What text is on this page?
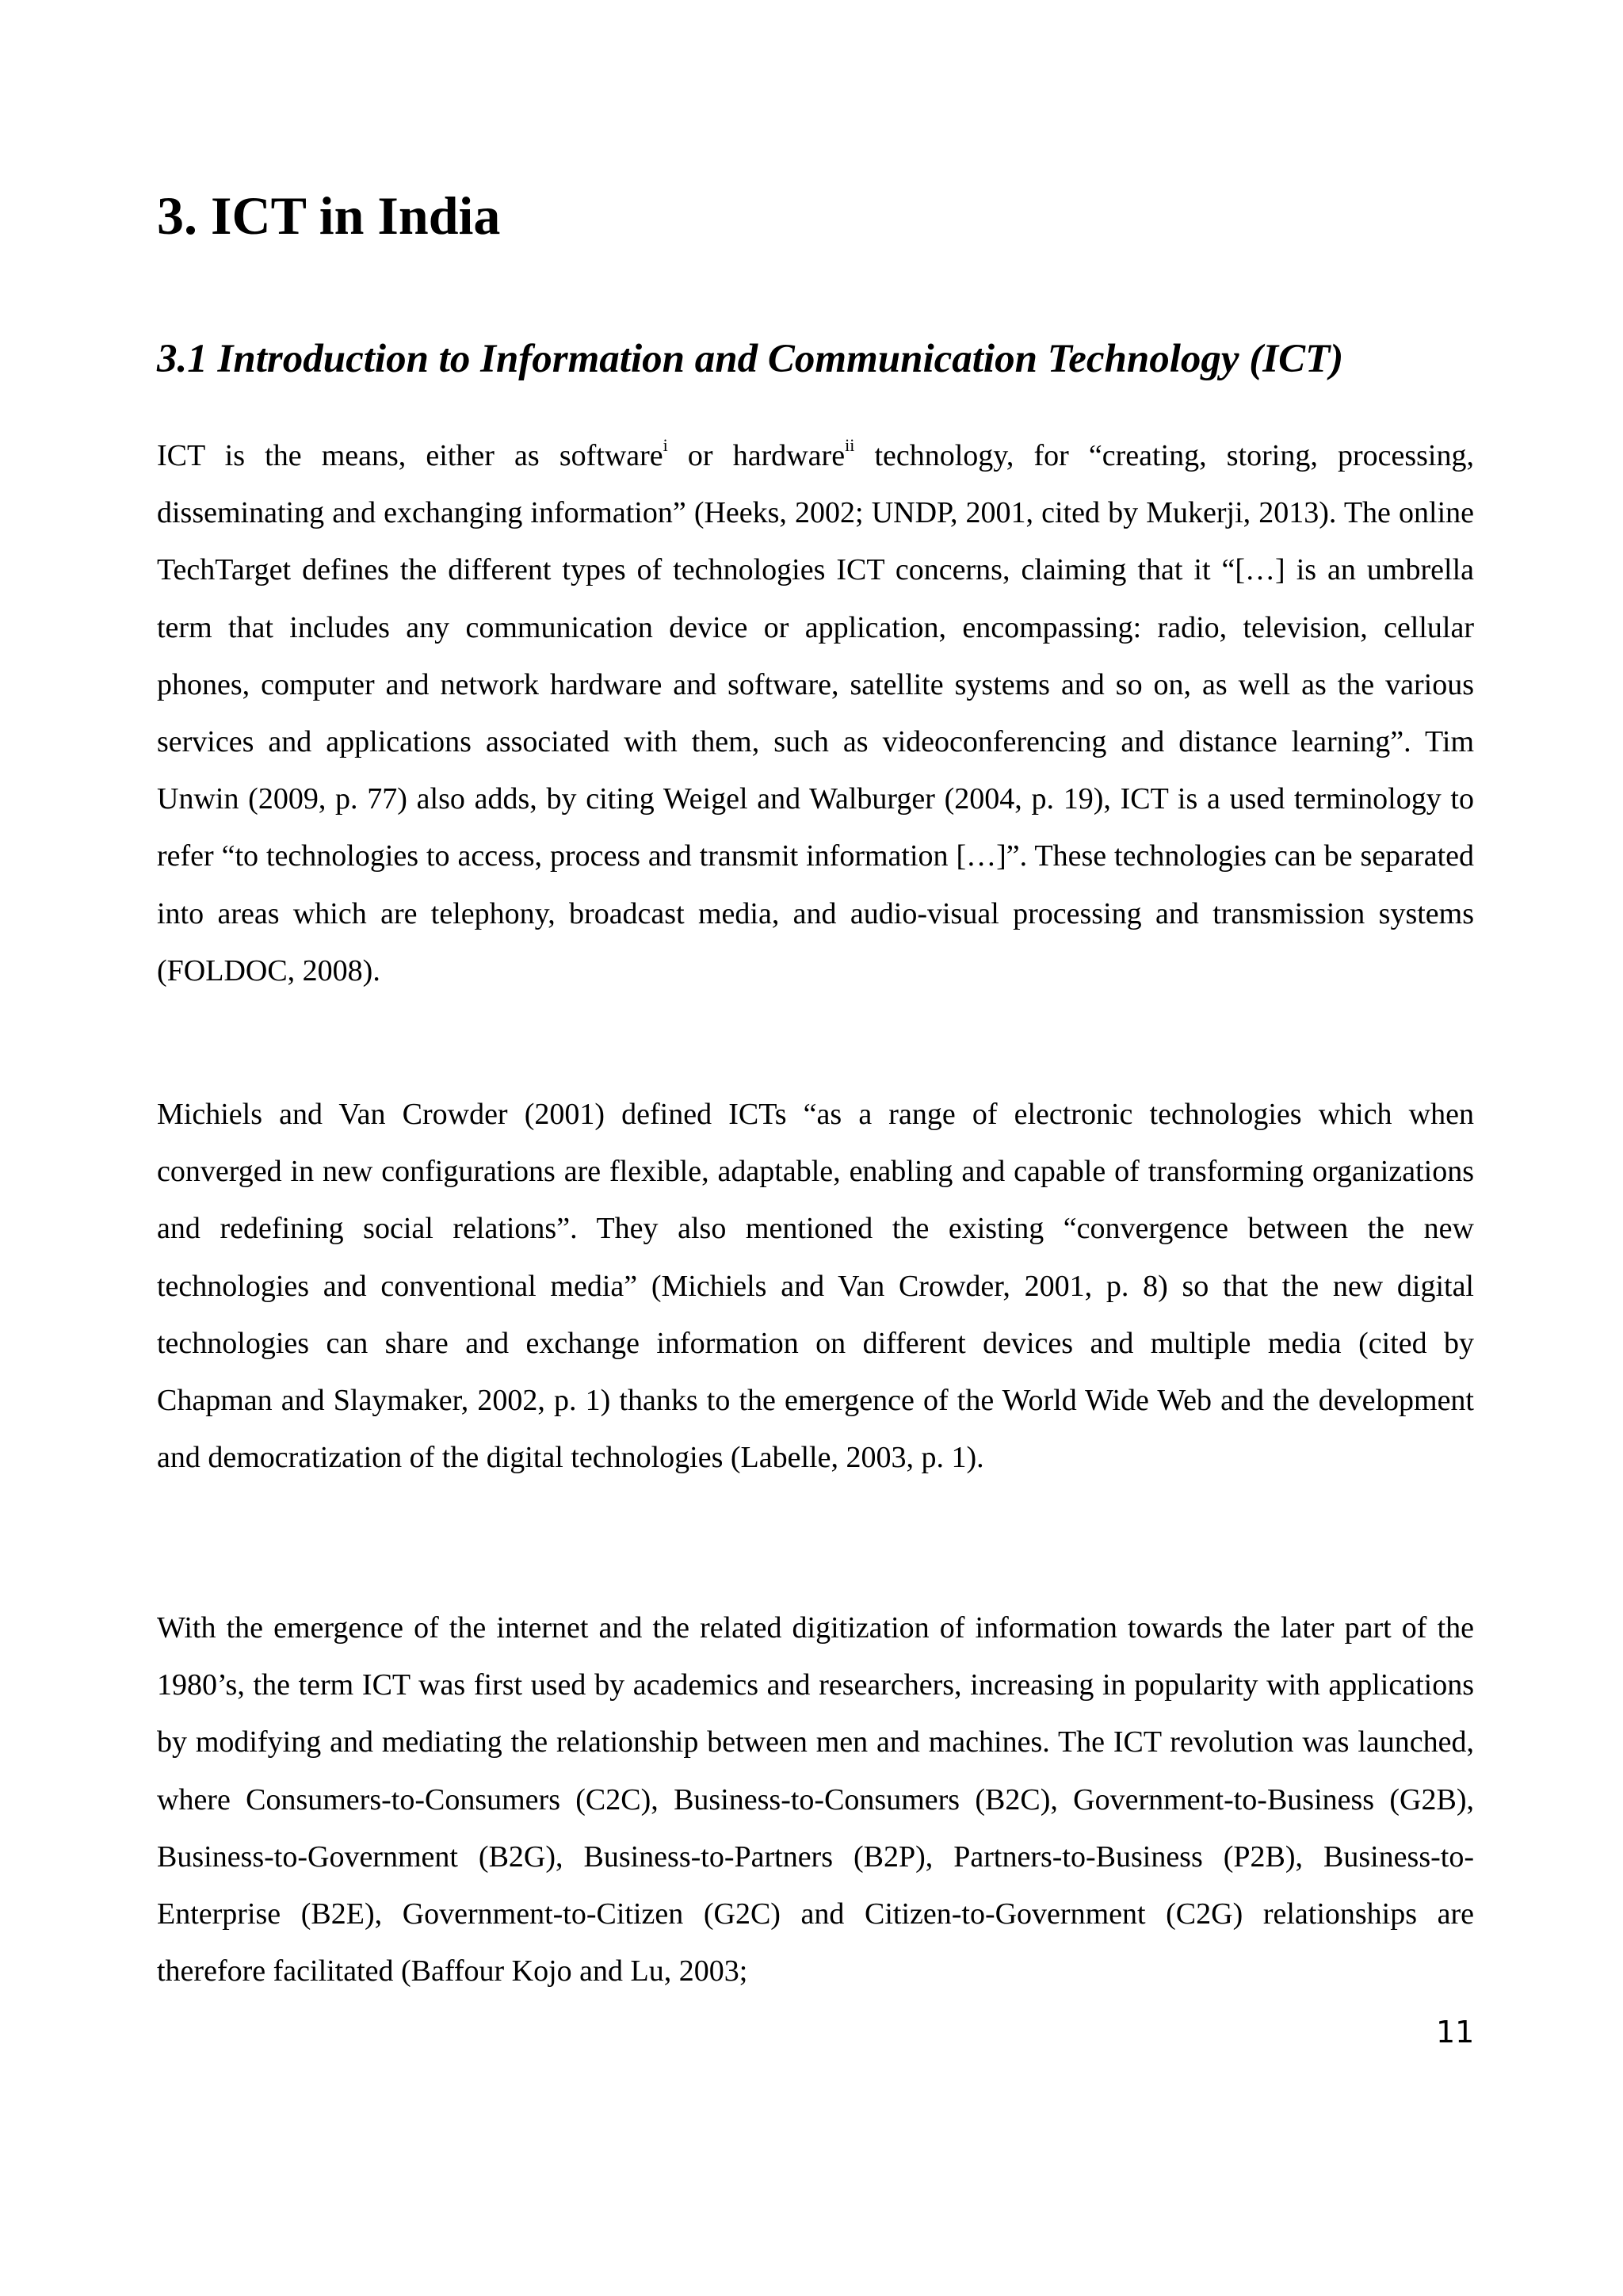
3. ICT in India
3.1 Introduction to Information and Communication Technology (ICT)

ICT is the means, either as software$^i$ or hardware$^{ii}$ technology, for “creating, storing, processing, disseminating and exchanging information” (Heeks, 2002; UNDP, 2001, cited by Mukerji, 2013). The online TechTarget defines the different types of technologies ICT concerns, claiming that it “[…] is an umbrella term that includes any communication device or application, encompassing: radio, television, cellular phones, computer and network hardware and software, satellite systems and so on, as well as the various services and applications associated with them, such as videoconferencing and distance learning”. Tim Unwin (2009, p. 77) also adds, by citing Weigel and Walburger (2004, p. 19), ICT is a used terminology to refer “to technologies to access, process and transmit information […]”. These technologies can be separated into areas which are telephony, broadcast media, and audio-visual processing and transmission systems (FOLDOC, 2008).

Michiels and Van Crowder (2001) defined ICTs “as a range of electronic technologies which when converged in new configurations are flexible, adaptable, enabling and capable of transforming organizations and redefining social relations”. They also mentioned the existing “convergence between the new technologies and conventional media” (Michiels and Van Crowder, 2001, p. 8) so that the new digital technologies can share and exchange information on different devices and multiple media (cited by Chapman and Slaymaker, 2002, p. 1) thanks to the emergence of the World Wide Web and the development and democratization of the digital technologies (Labelle, 2003, p. 1).

With the emergence of the internet and the related digitization of information towards the later part of the 1980’s, the term ICT was first used by academics and researchers, increasing in popularity with applications by modifying and mediating the relationship between men and machines. The ICT revolution was launched, where Consumers-to-Consumers (C2C), Business-to-Consumers (B2C), Government-to-Business (G2B), Business-to-Government (B2G), Business-to-Partners (B2P), Partners-to-Business (P2B), Business-to-Enterprise (B2E), Government-to-Citizen (G2C) and Citizen-to-Government (C2G) relationships are therefore facilitated (Baffour Kojo and Lu, 2003;

11
